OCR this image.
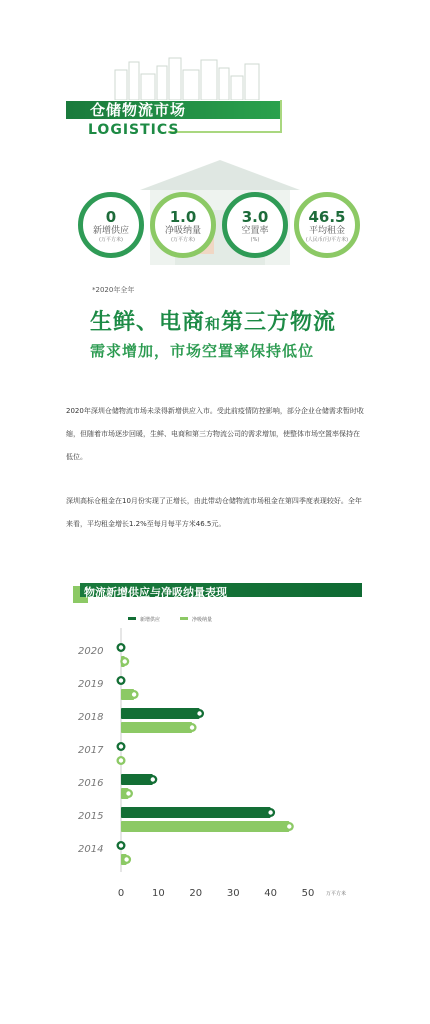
仓储物流市场
LOGISTICS
0
新增供应
(万平方米)
1.0
净吸纳量
(万平方米)
3.0
空置率
(%)
46.5
平均租金
(人民币/月/平方米)
*2020年全年
生鲜、电商和第三方物流
需求增加，市场空置率保持低位

2020年深圳仓储物流市场未录得新增供应入市。受此前疫情防控影响，部分企业仓储需求暂时收缩，但随着市场逐步回暖，生鲜、电商和第三方物流公司的需求增加，使整体市场空置率保持在低位。

深圳高标仓租金在10月份实现了正增长，由此带动仓储物流市场租金在第四季度表现较好。全年来看，平均租金增长1.2%至每月每平方米46.5元。

物流新增供应与净吸纳量表现
2020
2019
2018
2017
2016
2015
2014
0	10 20 30 40 50 万平方米
新增供应	净吸纳量
